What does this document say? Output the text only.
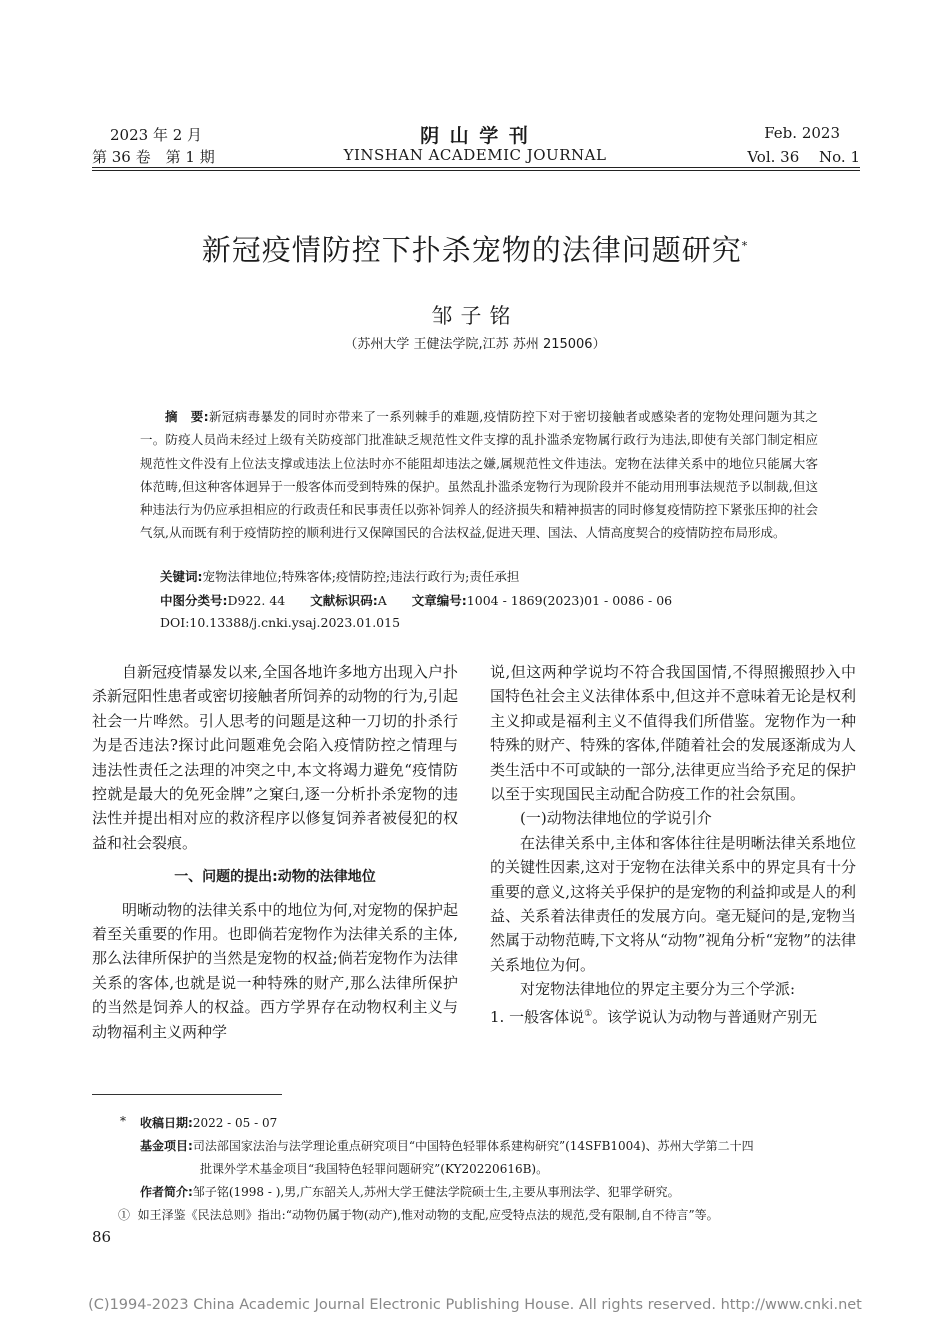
2023 年 2 月
第 36 卷　第 1 期
阴 山 学 刊
YINSHAN ACADEMIC JOURNAL
Feb. 2023
Vol. 36　 No. 1
新冠疫情防控下扑杀宠物的法律问题研究*
邹子铭
（苏州大学 王健法学院,江苏 苏州 215006）
摘　要:新冠病毒暴发的同时亦带来了一系列棘手的难题,疫情防控下对于密切接触者或感染者的宠物处理问题为其之一。防疫人员尚未经过上级有关防疫部门批准缺乏规范性文件支撑的乱扑滥杀宠物属行政行为违法,即使有关部门制定相应规范性文件没有上位法支撑或违法上位法时亦不能阻却违法之嫌,属规范性文件违法。宠物在法律关系中的地位只能属大客体范畴,但这种客体迥异于一般客体而受到特殊的保护。虽然乱扑滥杀宠物行为现阶段并不能动用刑事法规范予以制裁,但这种违法行为仍应承担相应的行政责任和民事责任以弥补饲养人的经济损失和精神损害的同时修复疫情防控下紧张压抑的社会气氛,从而既有利于疫情防控的顺利进行又保障国民的合法权益,促进天理、国法、人情高度契合的疫情防控布局形成。
关键词:宠物法律地位;特殊客体;疫情防控;违法行政行为;责任承担
中图分类号:D922. 44　　 文献标识码:A　　 文章编号:1004 - 1869(2023)01 - 0086 - 06
DOI:10.13388/j.cnki.ysaj.2023.01.015

自新冠疫情暴发以来,全国各地许多地方出现入户扑杀新冠阳性患者或密切接触者所饲养的动物的行为,引起社会一片哗然。引人思考的问题是这种一刀切的扑杀行为是否违法?探讨此问题难免会陷入疫情防控之情理与违法性责任之法理的冲突之中,本文将竭力避免“疫情防控就是最大的免死金牌”之窠臼,逐一分析扑杀宠物的违法性并提出相对应的救济程序以修复饲养者被侵犯的权益和社会裂痕。

一、问题的提出:动物的法律地位

明晰动物的法律关系中的地位为何,对宠物的保护起着至关重要的作用。也即倘若宠物作为法律关系的主体,那么法律所保护的当然是宠物的权益;倘若宠物作为法律关系的客体,也就是说一种特殊的财产,那么法律所保护的当然是饲养人的权益。西方学界存在动物权利主义与动物福利主义两种学

说,但这两种学说均不符合我国国情,不得照搬照抄入中国特色社会主义法律体系中,但这并不意味着无论是权利主义抑或是福利主义不值得我们所借鉴。宠物作为一种特殊的财产、特殊的客体,伴随着社会的发展逐渐成为人类生活中不可或缺的一部分,法律更应当给予充足的保护以至于实现国民主动配合防疫工作的社会氛围。

(一)动物法律地位的学说引介

在法律关系中,主体和客体往往是明晰法律关系地位的关键性因素,这对于宠物在法律关系中的界定具有十分重要的意义,这将关乎保护的是宠物的利益抑或是人的利益、关系着法律责任的发展方向。毫无疑问的是,宠物当然属于动物范畴,下文将从“动物”视角分析“宠物”的法律关系地位为何。

对宠物法律地位的界定主要分为三个学派:

1. 一般客体说①。该学说认为动物与普通财产别无

* 收稿日期:2022 - 05 - 07
基金项目:司法部国家法治与法学理论重点研究项目“中国特色轻罪体系建构研究”(14SFB1004)、苏州大学第二十四
批课外学术基金项目“我国特色轻罪问题研究”(KY20220616B)。
作者简介:邹子铭(1998 - ),男,广东韶关人,苏州大学王健法学院硕士生,主要从事刑法学、犯罪学研究。
① 如王泽鉴《民法总则》指出:“动物仍属于物(动产),惟对动物的支配,应受特点法的规范,受有限制,自不待言”等。
86
(C)1994-2023 China Academic Journal Electronic Publishing House. All rights reserved. http://www.cnki.net
